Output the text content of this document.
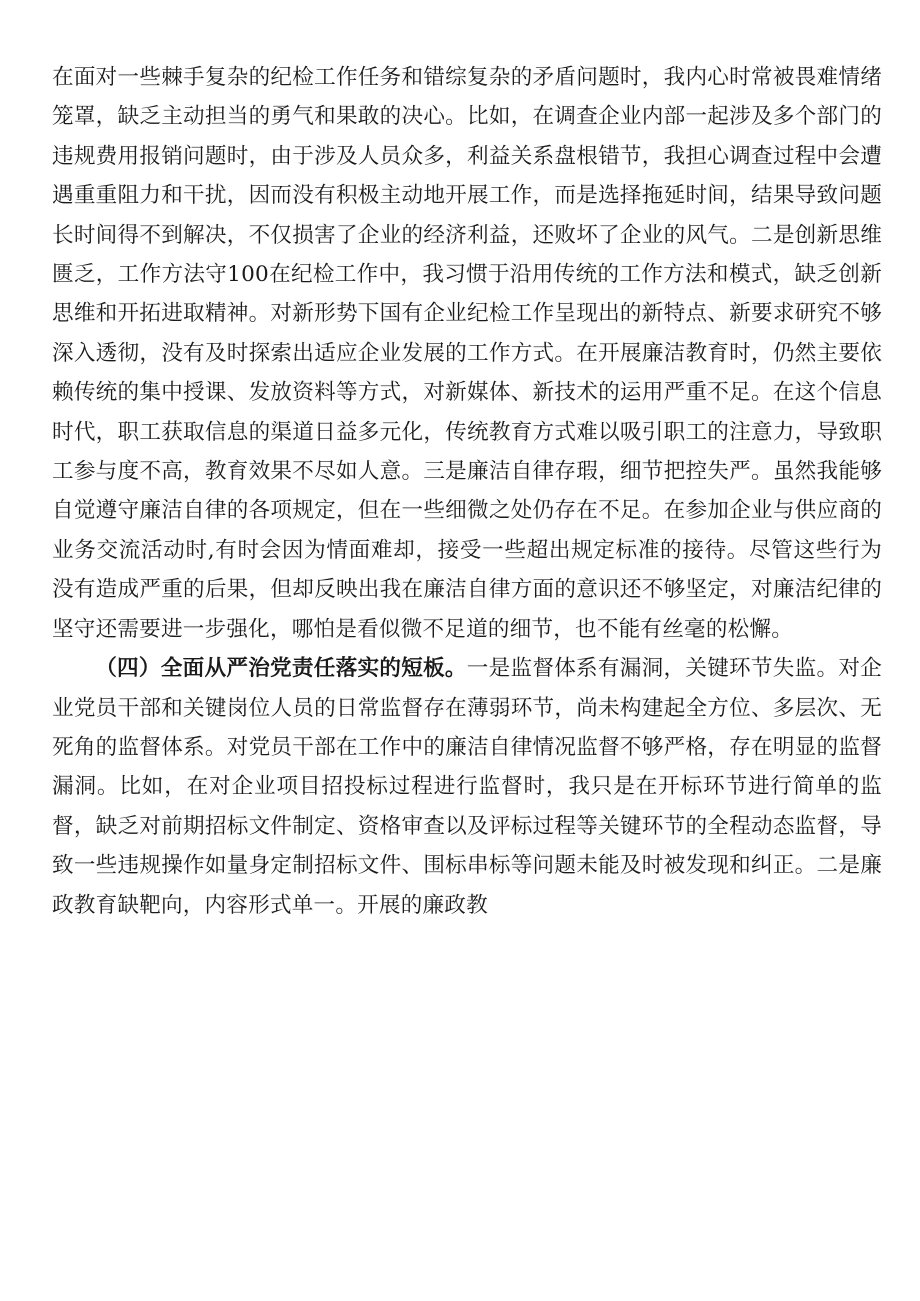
在面对一些棘手复杂的纪检工作任务和错综复杂的矛盾问题时，我内心时常被畏难情绪笼罩，缺乏主动担当的勇气和果敢的决心。比如，在调查企业内部一起涉及多个部门的违规费用报销问题时，由于涉及人员众多，利益关系盘根错节，我担心调查过程中会遭遇重重阻力和干扰，因而没有积极主动地开展工作，而是选择拖延时间，结果导致问题长时间得不到解决，不仅损害了企业的经济利益，还败坏了企业的风气。二是创新思维匮乏，工作方法守100在纪检工作中，我习惯于沿用传统的工作方法和模式，缺乏创新思维和开拓进取精神。对新形势下国有企业纪检工作呈现出的新特点、新要求研究不够深入透彻，没有及时探索出适应企业发展的工作方式。在开展廉洁教育时，仍然主要依赖传统的集中授课、发放资料等方式，对新媒体、新技术的运用严重不足。在这个信息时代，职工获取信息的渠道日益多元化，传统教育方式难以吸引职工的注意力，导致职工参与度不高，教育效果不尽如人意。三是廉洁自律存瑕，细节把控失严。虽然我能够自觉遵守廉洁自律的各项规定，但在一些细微之处仍存在不足。在参加企业与供应商的业务交流活动时,有时会因为情面难却，接受一些超出规定标准的接待。尽管这些行为没有造成严重的后果，但却反映出我在廉洁自律方面的意识还不够坚定，对廉洁纪律的坚守还需要进一步强化，哪怕是看似微不足道的细节，也不能有丝毫的松懈。

（四）全面从严治党责任落实的短板。一是监督体系有漏洞，关键环节失监。对企业党员干部和关键岗位人员的日常监督存在薄弱环节，尚未构建起全方位、多层次、无死角的监督体系。对党员干部在工作中的廉洁自律情况监督不够严格，存在明显的监督漏洞。比如，在对企业项目招投标过程进行监督时，我只是在开标环节进行简单的监督，缺乏对前期招标文件制定、资格审查以及评标过程等关键环节的全程动态监督，导致一些违规操作如量身定制招标文件、围标串标等问题未能及时被发现和纠正。二是廉政教育缺靶向，内容形式单一。开展的廉政教
